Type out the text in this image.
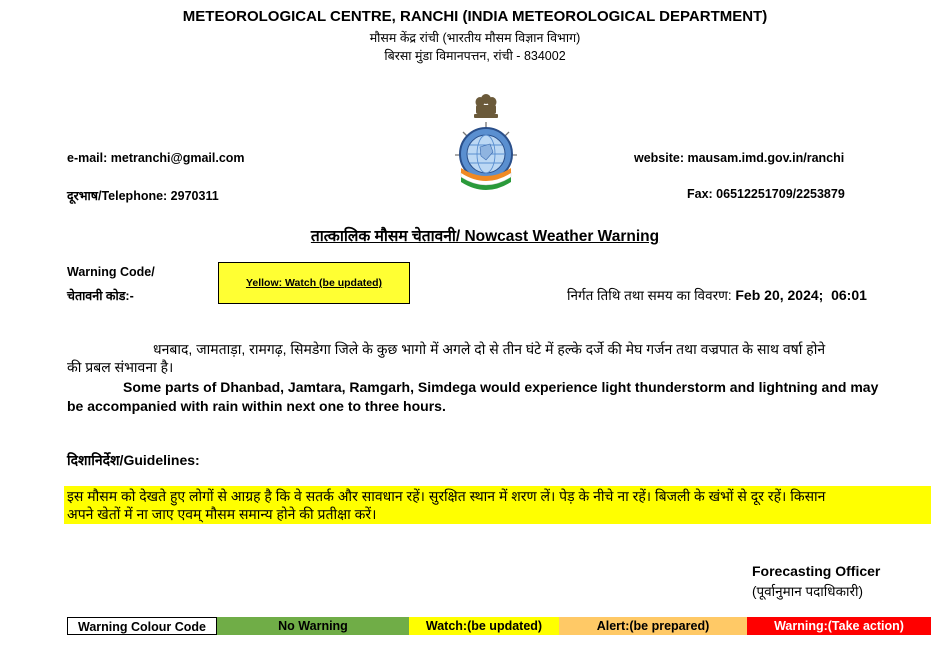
METEOROLOGICAL CENTRE, RANCHI (INDIA METEOROLOGICAL DEPARTMENT)
मौसम केंद्र रांची (भारतीय मौसम विज्ञान विभाग)
बिरसा मुंडा विमानपत्तन, रांची - 834002
e-mail: metranchi@gmail.com	website: mausam.imd.gov.in/ranchi
दूरभाष/Telephone: 2970311	Fax: 06512251709/2253879
तात्कालिक मौसम चेतावनी/ Nowcast Weather Warning
Warning Code/
चेतावनी कोड:-
Yellow: Watch (be updated)
निर्गत तिथि तथा समय का विवरण: Feb 20, 2024;  06:01
धनबाद, जामताड़ा, रामगढ़, सिमडेगा जिले के कुछ भागो में अगले दो से तीन घंटे में हल्के दर्जे की मेघ गर्जन तथा वज्रपात के साथ वर्षा होने
की प्रबल संभावना है।
Some parts of Dhanbad, Jamtara, Ramgarh, Simdega would experience light thunderstorm and lightning and may
be accompanied with rain within next one to three hours.
दिशानिर्देश/Guidelines:
इस मौसम को देखते हुए लोगों से आग्रह है कि वे सतर्क और सावधान रहें। सुरक्षित स्थान में शरण लें। पेड़ के नीचे ना रहें। बिजली के खंभों से दूर रहें। किसान
अपने खेतों में ना जाए एवम् मौसम समान्य होने की प्रतीक्षा करें।
Forecasting Officer
(पूर्वानुमान पदाधिकारी)
Warning Colour Code	No Warning	Watch:(be updated)	Alert:(be prepared)	Warning:(Take action)
